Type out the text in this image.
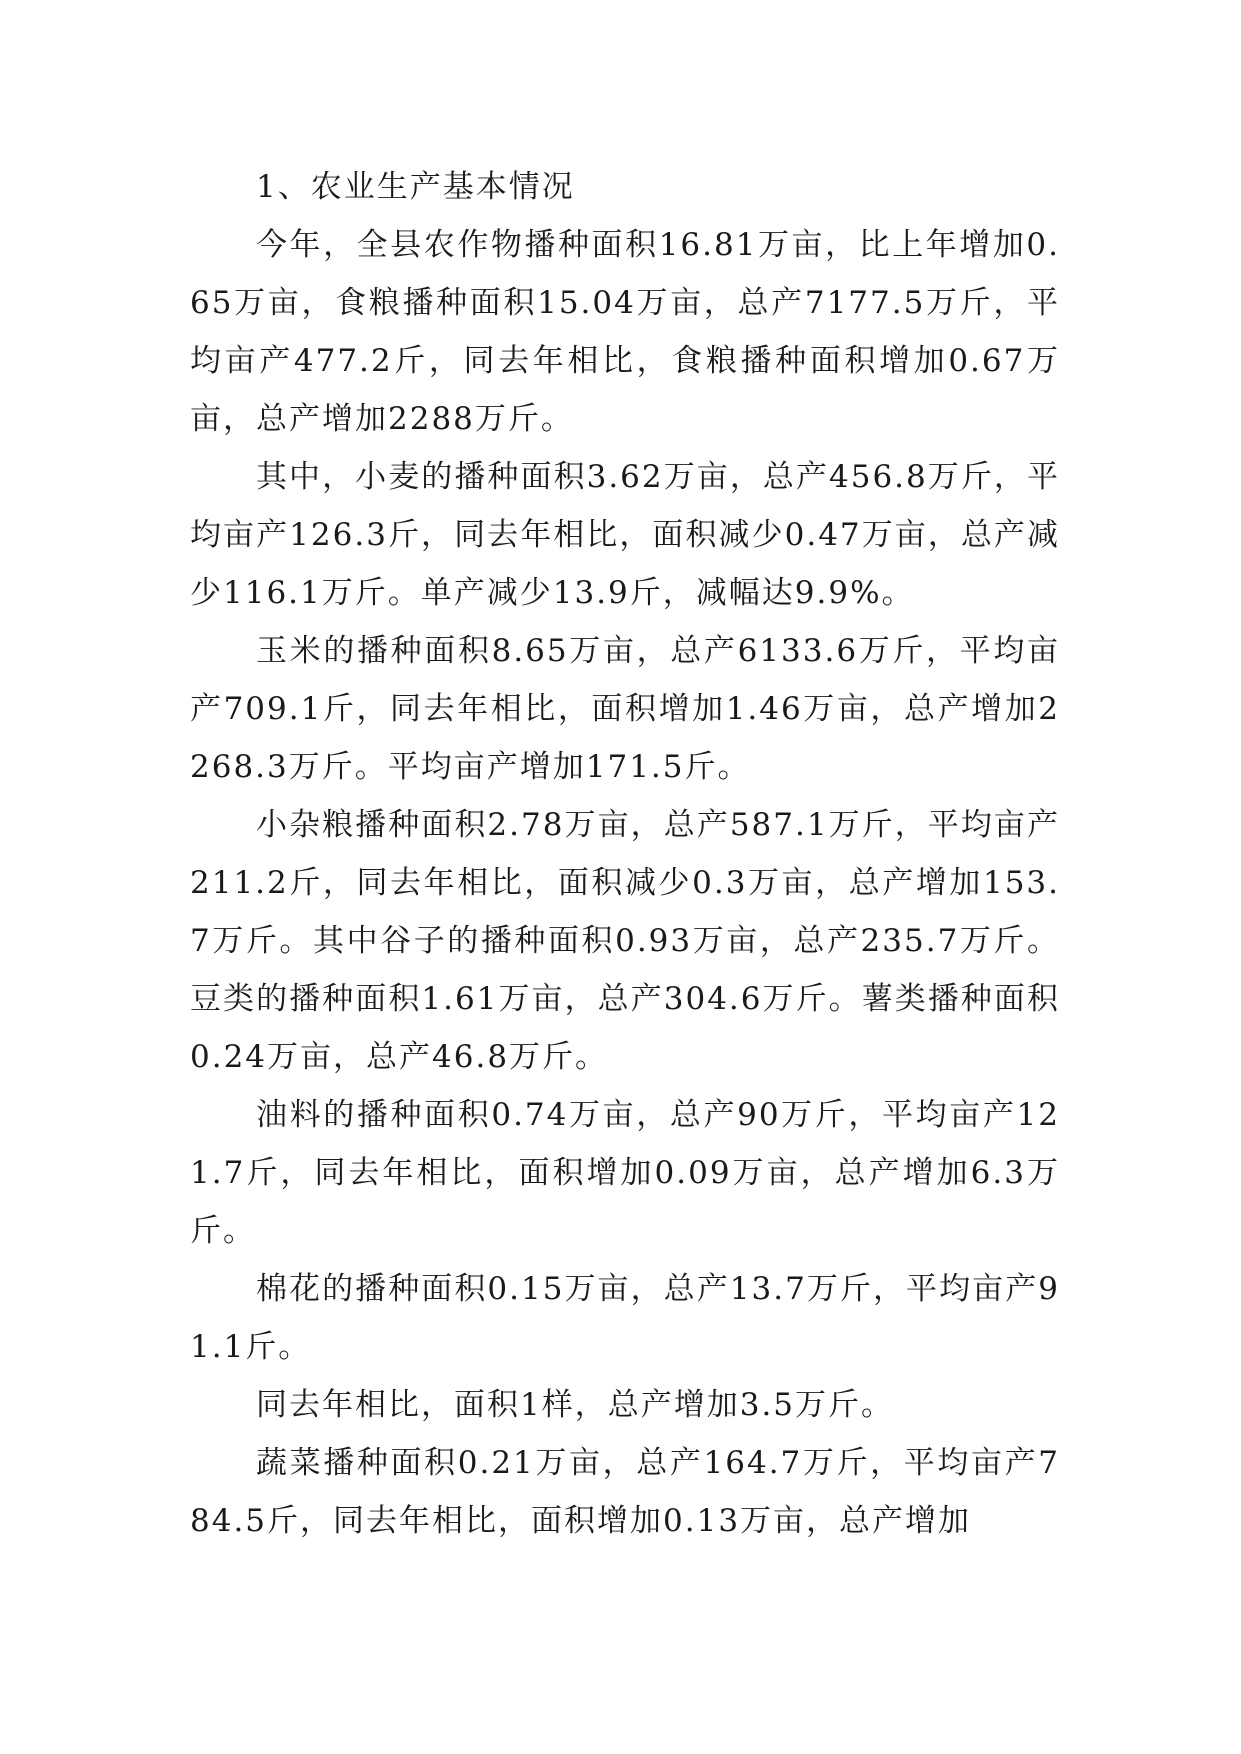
1、农业生产基本情况

今年，全县农作物播种面积16.81万亩，比上年增加0.65万亩，食粮播种面积15.04万亩，总产7177.5万斤，平均亩产477.2斤，同去年相比，食粮播种面积增加0.67万亩，总产增加2288万斤。

其中，小麦的播种面积3.62万亩，总产456.8万斤，平均亩产126.3斤，同去年相比，面积减少0.47万亩，总产减少116.1万斤。单产减少13.9斤，减幅达9.9%。

玉米的播种面积8.65万亩，总产6133.6万斤，平均亩产709.1斤，同去年相比，面积增加1.46万亩，总产增加2268.3万斤。平均亩产增加171.5斤。

小杂粮播种面积2.78万亩，总产587.1万斤，平均亩产211.2斤，同去年相比，面积减少0.3万亩，总产增加153.7万斤。其中谷子的播种面积0.93万亩，总产235.7万斤。豆类的播种面积1.61万亩，总产304.6万斤。薯类播种面积0.24万亩，总产46.8万斤。

油料的播种面积0.74万亩，总产90万斤，平均亩产121.7斤，同去年相比，面积增加0.09万亩，总产增加6.3万斤。

棉花的播种面积0.15万亩，总产13.7万斤，平均亩产91.1斤。

同去年相比，面积1样，总产增加3.5万斤。

蔬菜播种面积0.21万亩，总产164.7万斤，平均亩产784.5斤，同去年相比，面积增加0.13万亩，总产增加
